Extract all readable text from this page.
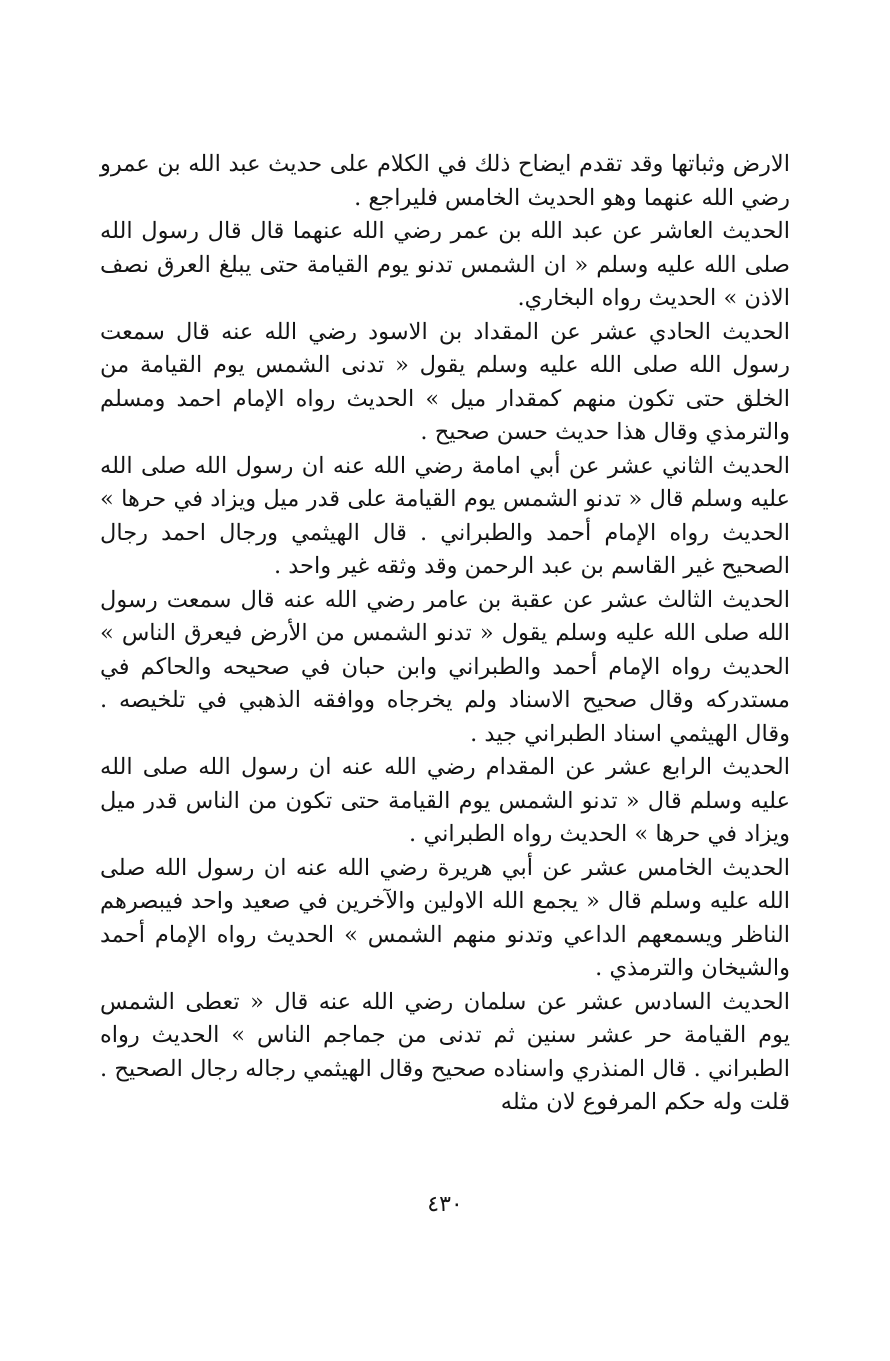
الارض وثباتها وقد تقدم ايضاح ذلك في الكلام على حديث عبد الله بن عمرو رضي الله عنهما وهو الحديث الخامس فليراجع .

الحديث العاشر عن عبد الله بن عمر رضي الله عنهما قال قال رسول الله صلى الله عليه وسلم « ان الشمس تدنو يوم القيامة حتى يبلغ العرق نصف الاذن » الحديث رواه البخاري.

الحديث الحادي عشر عن المقداد بن الاسود رضي الله عنه قال سمعت رسول الله صلى الله عليه وسلم يقول « تدنى الشمس يوم القيامة من الخلق حتى تكون منهم كمقدار ميل » الحديث رواه الإمام احمد ومسلم والترمذي وقال هذا حديث حسن صحيح .

الحديث الثاني عشر عن أبي امامة رضي الله عنه ان رسول الله صلى الله عليه وسلم قال « تدنو الشمس يوم القيامة على قدر ميل ويزاد في حرها » الحديث رواه الإمام أحمد والطبراني . قال الهيثمي ورجال احمد رجال الصحيح غير القاسم بن عبد الرحمن وقد وثقه غير واحد .

الحديث الثالث عشر عن عقبة بن عامر رضي الله عنه قال سمعت رسول الله صلى الله عليه وسلم يقول « تدنو الشمس من الأرض فيعرق الناس » الحديث رواه الإمام أحمد والطبراني وابن حبان في صحيحه والحاكم في مستدركه وقال صحيح الاسناد ولم يخرجاه ووافقه الذهبي في تلخيصه . وقال الهيثمي اسناد الطبراني جيد .

الحديث الرابع عشر عن المقدام رضي الله عنه ان رسول الله صلى الله عليه وسلم قال « تدنو الشمس يوم القيامة حتى تكون من الناس قدر ميل ويزاد في حرها » الحديث رواه الطبراني .

الحديث الخامس عشر عن أبي هريرة رضي الله عنه ان رسول الله صلى الله عليه وسلم قال « يجمع الله الاولين والآخرين في صعيد واحد فيبصرهم الناظر ويسمعهم الداعي وتدنو منهم الشمس » الحديث رواه الإمام أحمد والشيخان والترمذي .

الحديث السادس عشر عن سلمان رضي الله عنه قال « تعطى الشمس يوم القيامة حر عشر سنين ثم تدنى من جماجم الناس » الحديث رواه الطبراني . قال المنذري واسناده صحيح وقال الهيثمي رجاله رجال الصحيح . قلت وله حكم المرفوع لان مثله

٤٣٠
